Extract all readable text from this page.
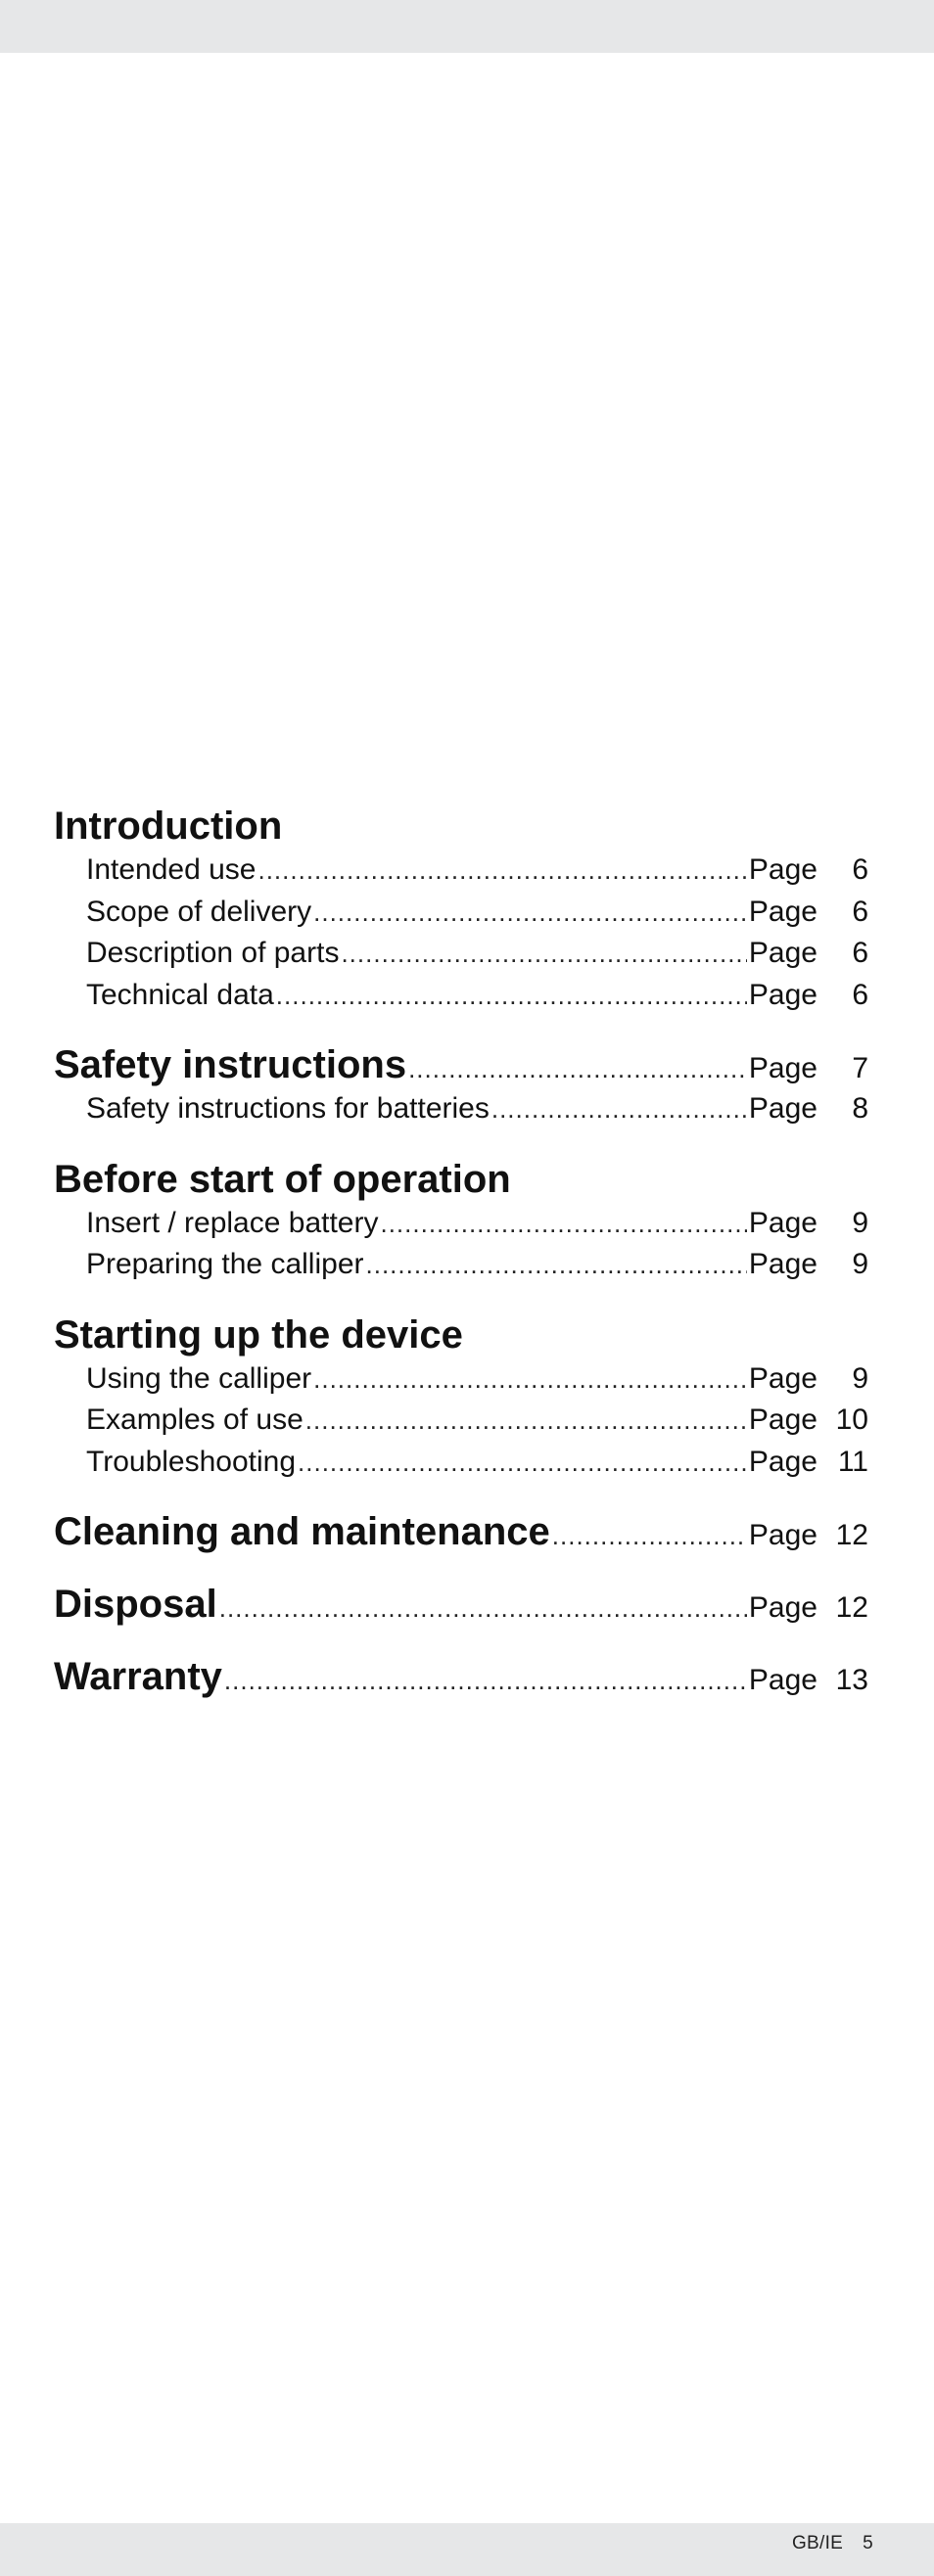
Introduction
Intended use .....	Page	6
Scope of delivery .....	Page	6
Description of parts .....	Page	6
Technical data .....	Page	6
Safety instructions .....	Page	7
Safety instructions for batteries .....	Page	8
Before start of operation
Insert / replace battery .....	Page	9
Preparing the calliper .....	Page	9
Starting up the device
Using the calliper .....	Page	9
Examples of use .....	Page 10
Troubleshooting .....	Page 11
Cleaning and maintenance .....	Page 12
Disposal .....	Page 12
Warranty .....	Page 13
GB/IE 5
